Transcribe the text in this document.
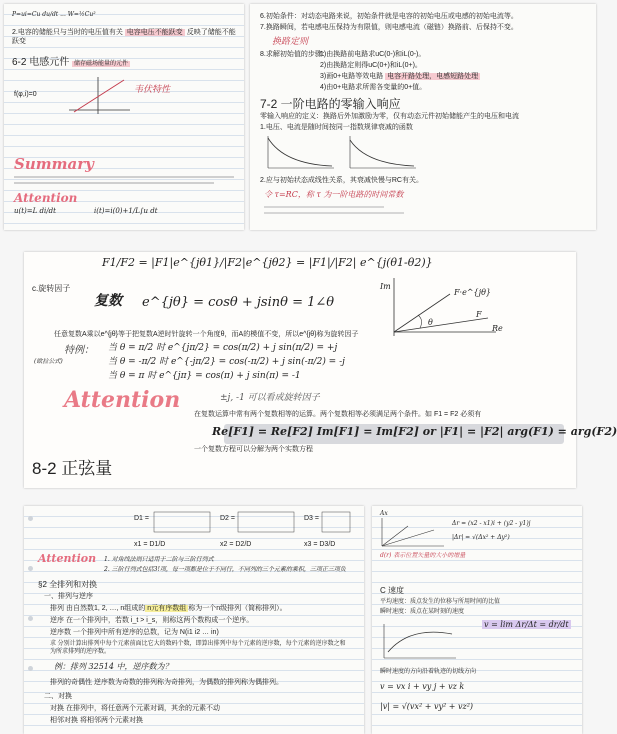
P=ui=Cu du/dt ... W=½Cu²
2.电容的储能只与当时的电压值有关 电容电压不能跃变 反映了储能不能跃变
6-2 电感元件 储存磁场能量的元件
韦伏特性
f(φ,i)=0
Summary
Attention
u(t)=L di/dt	i(t)=i(0)+1/L∫u dt
6.初始条件：对动态电路来说，初始条件就是电容的初始电压或电感的初始电流等。
7.换路瞬间，若电感电压保持为有限值，则电感电流（磁链）换路前、后保持不变。
换路定则
8.求解初始值的步骤：
1)由换路前电路求uC(0-)和iL(0-)。
2)由换路定则得uC(0+)和iL(0+)。
3)画0+电路等效电路 电容开路处理，电感短路处理
4)由0+电路求所需各变量的0+值。
7-2 一阶电路的零输入响应
零输入响应的定义：换路后外加激励为零，仅有动态元件初始储能产生的电压和电流
1.电压、电流是随时间按同一指数规律衰减的函数
2.应与初始状态成线性关系，其衰减快慢与RC有关。
令 τ=RC，称 τ 为一阶电路的时间常数
F1/F2 = |F1|e^{jθ1}/|F2|e^{jθ2} = |F1|/|F2| e^{j(θ1-θ2)}
c.旋转因子
复数 e^{jθ} = cosθ + jsinθ = 1∠θ
Im
Re
F·e^{jθ}
θ
F
任意复数A乘以e^{jθ}等于把复数A逆时针旋转一个角度θ，而A的模值不变，所以e^{jθ}称为旋转因子
特例：
(欧拉公式)
当 θ = π/2 时 e^{jπ/2} = cos(π/2) + j sin(π/2) = +j
当 θ = -π/2 时 e^{-jπ/2} = cos(-π/2) + j sin(-π/2) = -j
当 θ = π 时 e^{jπ} = cos(π) + j sin(π) = -1
Attention	±j, -1 可以看成旋转因子
在复数运算中常有两个复数相等的运算。两个复数相等必须满足两个条件。如 F1 = F2 必须有
Re[F1] = Re[F2] Im[F1] = Im[F2] or |F1| = |F2| arg(F1) = arg(F2)
一个复数方程可以分解为两个实数方程
8-2 正弦量
D1 =	D2 =	D3 =
x1 = D1/D	x2 = D2/D	x3 = D3/D
Attention 1. 对角线法则只适用于二阶与三阶行列式
2. 三阶行列式包括3!项，每一项都是位于不同行，不同列的三个元素的乘积，三项正三项负
§2 全排列和对换
一、排列与逆序
排列 由自然数1, 2, …, n组成的 n元有序数组 称为一个n级排列（简称排列）。
逆序 在一个排列中，若数 i_t > i_s，则称这两个数构成一个逆序。
逆序数 一个排列中所有逆序的总数，记为 N(i1 i2 … in)
求 分别计算出排列中每个元素前面比它大的数码个数，即算出排列中每个元素的逆序数，每个元素的逆序数之和为所求排列的逆序数。
例：排列 32514 中，逆序数为？
排列的奇偶性 逆序数为奇数的排列称为奇排列，为偶数的排列称为偶排列。
二、对换
对换 在排列中，将任意两个元素对调，其余的元素不动
相邻对换 将相邻两个元素对换
Ax
Δr = (x2 - x1)i + (y2 - y1)j
|Δr| = √(Δx² + Δy²)
d(r) 表示位置矢量的大小的增量
C 速度
平均速度：质点发生的位移与所用时间的比值
瞬时速度：质点在某时刻的速度
v = lim Δr/Δt = dr/dt
瞬时速度的方向沿着轨迹的切线方向
v = vx i + vy j + vz k
|v| = √(vx² + vy² + vz²)
